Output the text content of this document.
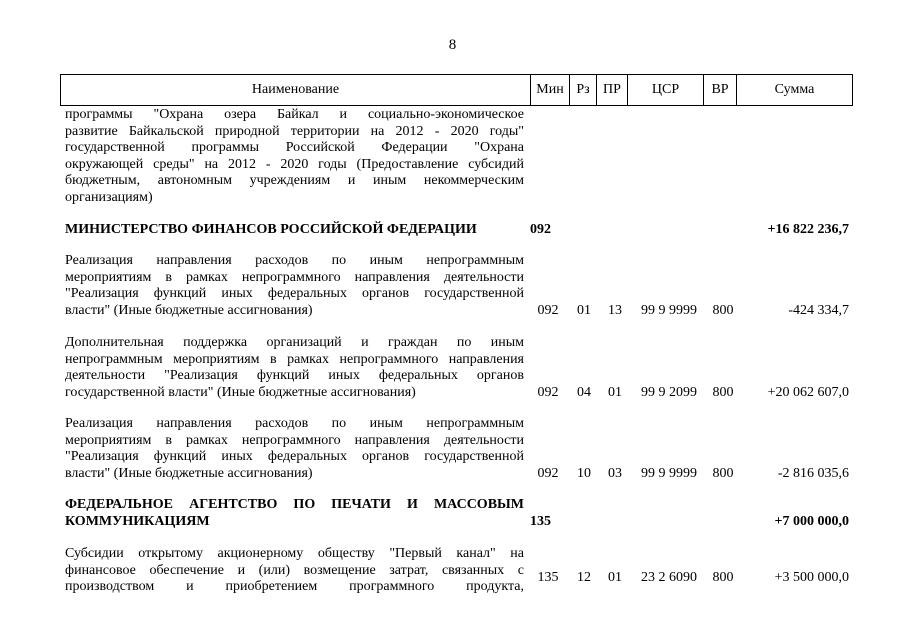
8
Наименование	Мин	Рз	ПР	ЦСР	ВР	Сумма
программы "Охрана озера Байкал и социально-экономическое
развитие Байкальской природной территории на 2012 - 2020 годы"
государственной программы Российской Федерации "Охрана
окружающей среды" на 2012 - 2020 годы (Предоставление субсидий
бюджетным, автономным учреждениям и иным некоммерческим
организациям)
МИНИСТЕРСТВО ФИНАНСОВ РОССИЙСКОЙ ФЕДЕРАЦИИ	092	+16 822 236,7
Реализация направления расходов по иным непрограммным
мероприятиям в рамках непрограммного направления деятельности
"Реализация функций иных федеральных органов государственной
власти" (Иные бюджетные ассигнования)	092	01	13	99 9 9999	800	-424 334,7
Дополнительная поддержка организаций и граждан по иным
непрограммным мероприятиям в рамках непрограммного направления
деятельности "Реализация функций иных федеральных органов
государственной власти" (Иные бюджетные ассигнования)	092	04	01	99 9 2099	800	+20 062 607,0
Реализация направления расходов по иным непрограммным
мероприятиям в рамках непрограммного направления деятельности
"Реализация функций иных федеральных органов государственной
власти" (Иные бюджетные ассигнования)	092	10	03	99 9 9999	800	-2 816 035,6
ФЕДЕРАЛЬНОЕ АГЕНТСТВО ПО ПЕЧАТИ И МАССОВЫМ
КОММУНИКАЦИЯМ	135	+7 000 000,0
Субсидии открытому акционерному обществу "Первый канал" на
финансовое обеспечение и (или) возмещение затрат, связанных с
производством и приобретением программного продукта,
135	12	01	23 2 6090	800	+3 500 000,0
